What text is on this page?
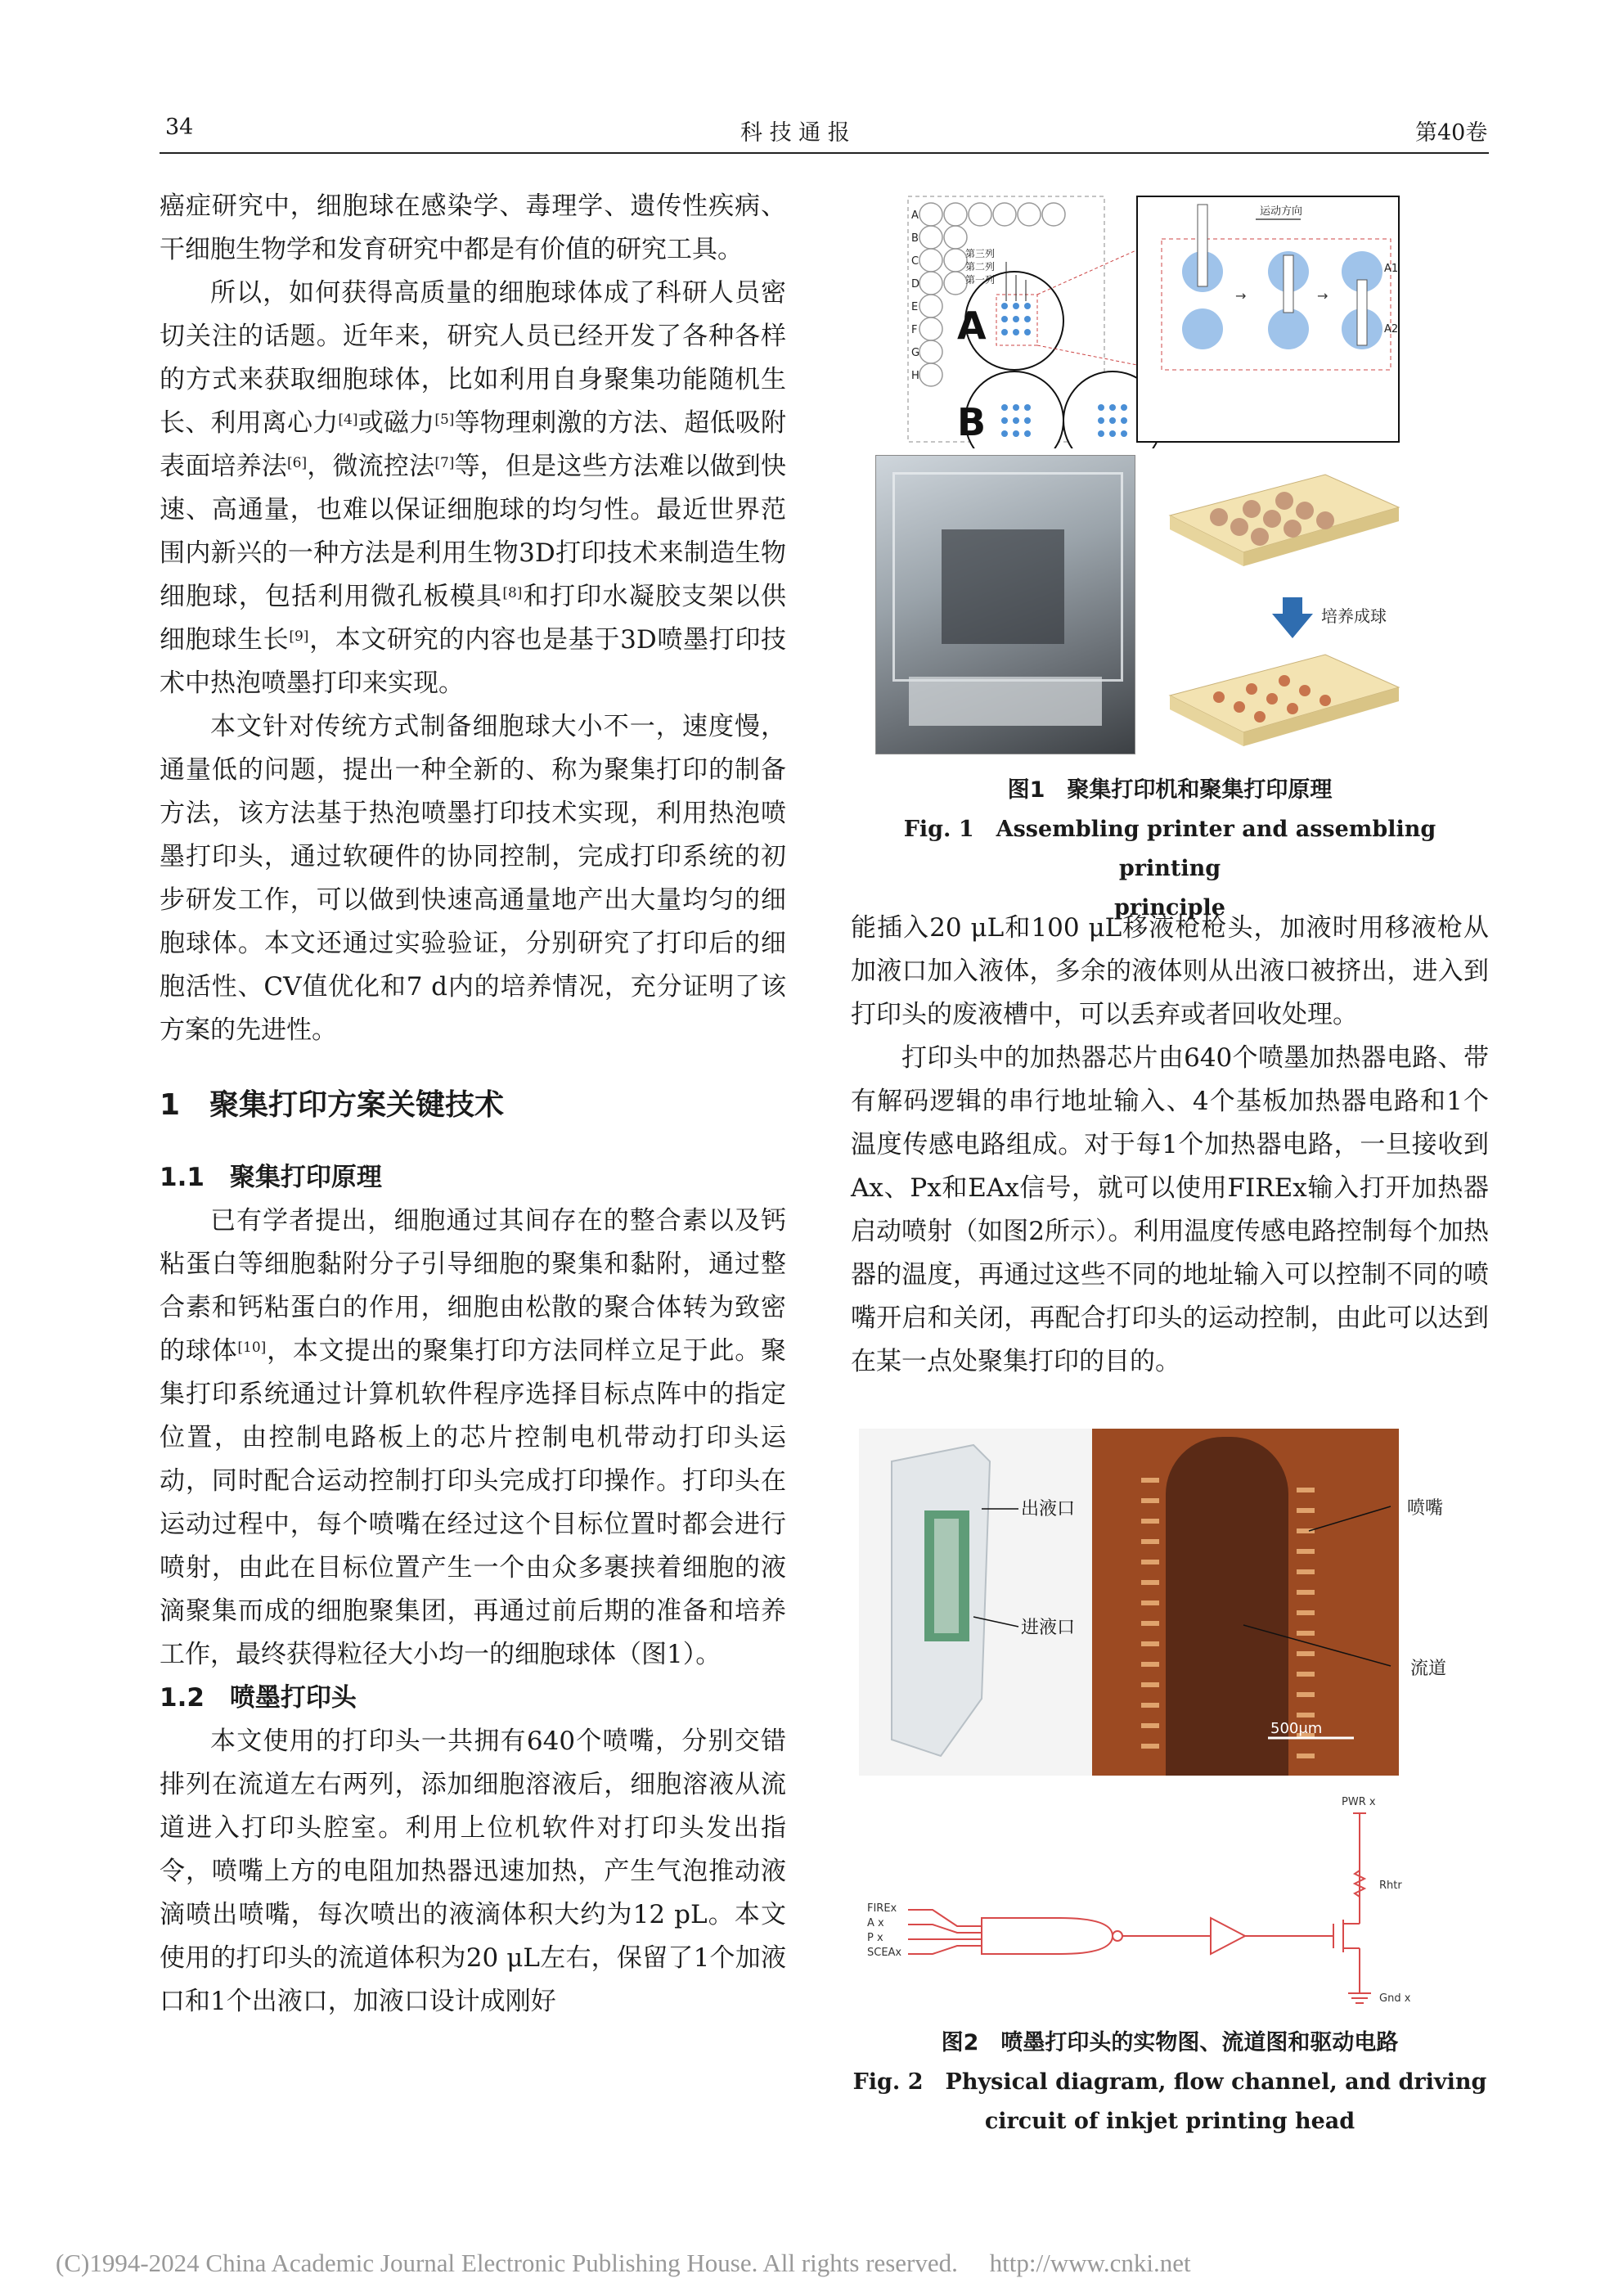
34	科 技 通 报	第40卷

癌症研究中，细胞球在感染学、毒理学、遗传性疾病、干细胞生物学和发育研究中都是有价值的研究工具。

所以，如何获得高质量的细胞球体成了科研人员密切关注的话题。近年来，研究人员已经开发了各种各样的方式来获取细胞球体，比如利用自身聚集功能随机生长、利用离心力[4]或磁力[5]等物理刺激的方法、超低吸附表面培养法[6]，微流控法[7]等，但是这些方法难以做到快速、高通量，也难以保证细胞球的均匀性。最近世界范围内新兴的一种方法是利用生物3D打印技术来制造生物细胞球，包括利用微孔板模具[8]和打印水凝胶支架以供细胞球生长[9]，本文研究的内容也是基于3D喷墨打印技术中热泡喷墨打印来实现。

本文针对传统方式制备细胞球大小不一，速度慢，通量低的问题，提出一种全新的、称为聚集打印的制备方法，该方法基于热泡喷墨打印技术实现，利用热泡喷墨打印头，通过软硬件的协同控制，完成打印系统的初步研发工作，可以做到快速高通量地产出大量均匀的细胞球体。本文还通过实验验证，分别研究了打印后的细胞活性、CV值优化和7 d内的培养情况，充分证明了该方案的先进性。

1　聚集打印方案关键技术
1.1　聚集打印原理

已有学者提出，细胞通过其间存在的整合素以及钙粘蛋白等细胞黏附分子引导细胞的聚集和黏附，通过整合素和钙粘蛋白的作用，细胞由松散的聚合体转为致密的球体[10]，本文提出的聚集打印方法同样立足于此。聚集打印系统通过计算机软件程序选择目标点阵中的指定位置，由控制电路板上的芯片控制电机带动打印头运动，同时配合运动控制打印头完成打印操作。打印头在运动过程中，每个喷嘴在经过这个目标位置时都会进行喷射，由此在目标位置产生一个由众多裹挟着细胞的液滴聚集而成的细胞聚集团，再通过前后期的准备和培养工作，最终获得粒径大小均一的细胞球体（图1）。

1.2　喷墨打印头

本文使用的打印头一共拥有640个喷嘴，分别交错排列在流道左右两列，添加细胞溶液后，细胞溶液从流道进入打印头腔室。利用上位机软件对打印头发出指令，喷嘴上方的电阻加热器迅速加热，产生气泡推动液滴喷出喷嘴，每次喷出的液滴体积大约为12 pL。本文使用的打印头的流道体积为20 μL左右，保留了1个加液口和1个出液口，加液口设计成刚好

A
B
C
D
E
F
G
H
A
B
第三列
第二列
第一列
运动方向
A1
A2
→	→
培养成球
图1　聚集打印机和聚集打印原理
Fig. 1　Assembling printer and assembling printing
principle

能插入20 μL和100 μL移液枪枪头，加液时用移液枪从加液口加入液体，多余的液体则从出液口被挤出，进入到打印头的废液槽中，可以丢弃或者回收处理。

打印头中的加热器芯片由640个喷墨加热器电路、带有解码逻辑的串行地址输入、4个基板加热器电路和1个温度传感电路组成。对于每1个加热器电路，一旦接收到Ax、Px和EAx信号，就可以使用FIREx输入打开加热器启动喷射（如图2所示）。利用温度传感电路控制每个加热器的温度，再通过这些不同的地址输入可以控制不同的喷嘴开启和关闭，再配合打印头的运动控制，由此可以达到在某一点处聚集打印的目的。

出液口
进液口
500μm
喷嘴
流道
FIREx
A x
P x
SCEAx
PWR x
Rhtr
Gnd x
图2　喷墨打印头的实物图、流道图和驱动电路
Fig. 2　Physical diagram, flow channel, and driving
circuit of inkjet printing head
(C)1994-2024 China Academic Journal Electronic Publishing House. All rights reserved.　 http://www.cnki.net
